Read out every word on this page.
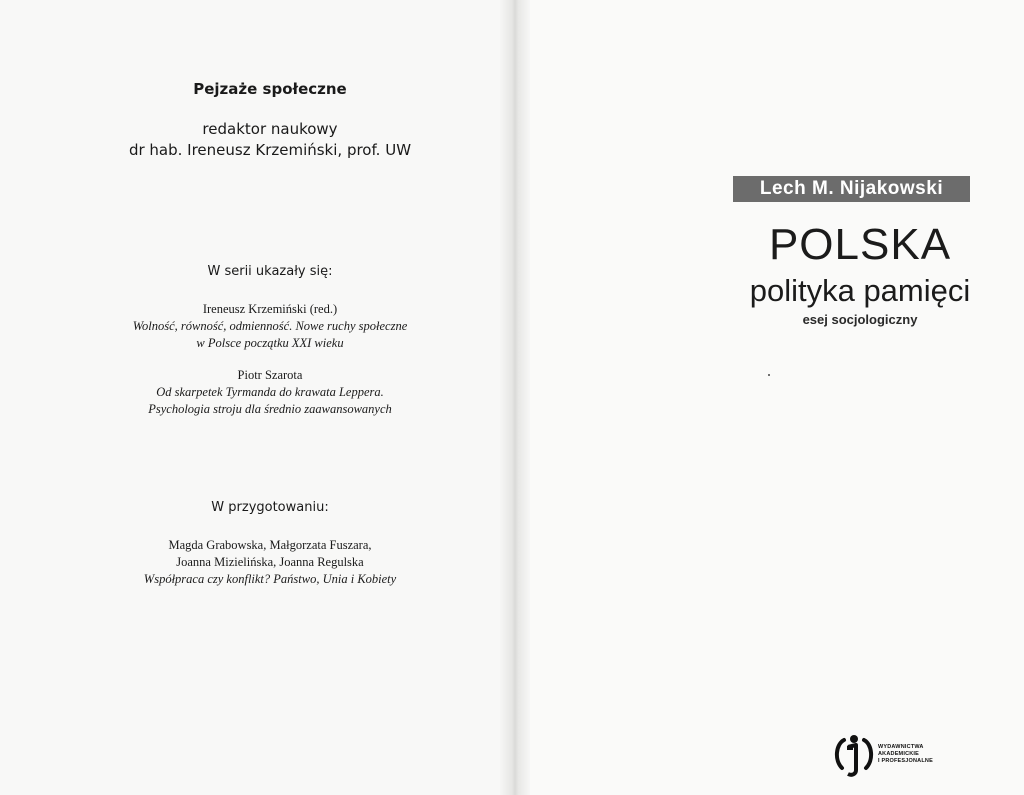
Pejzaże społeczne
redaktor naukowy
dr hab. Ireneusz Krzemiński, prof. UW
W serii ukazały się:
Ireneusz Krzemiński (red.)
Wolność, równość, odmienność. Nowe ruchy społeczne
w Polsce początku XXI wieku
Piotr Szarota
Od skarpetek Tyrmanda do krawata Leppera.
Psychologia stroju dla średnio zaawansowanych
W przygotowaniu:
Magda Grabowska, Małgorzata Fuszara,
Joanna Mizielińska, Joanna Regulska
Współpraca czy konflikt? Państwo, Unia i Kobiety
Lech M. Nijakowski
POLSKA
polityka pamięci
esej socjologiczny
WYDAWNICTWA
AKADEMICKIE
I PROFESJONALNE
